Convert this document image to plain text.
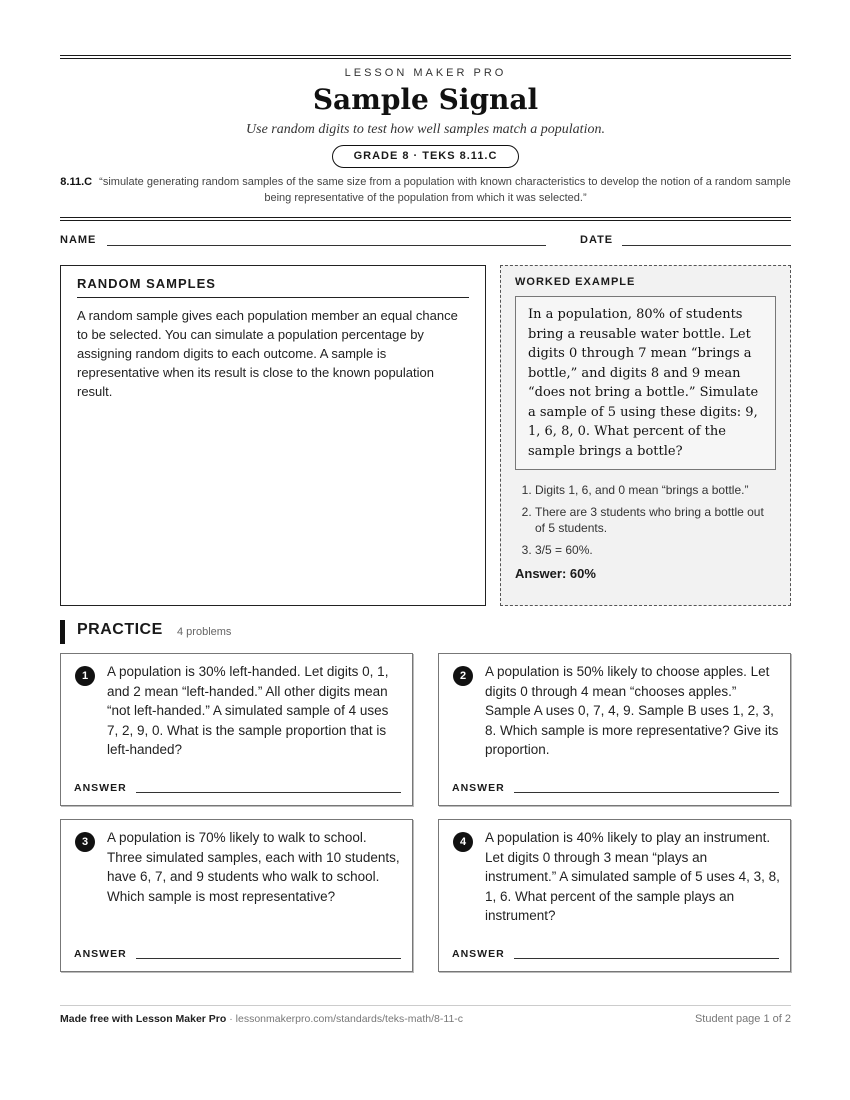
LESSON MAKER PRO
Sample Signal
Use random digits to test how well samples match a population.
GRADE 8 · TEKS 8.11.C
8.11.C “simulate generating random samples of the same size from a population with known characteristics to develop the notion of a random sample being representative of the population from which it was selected.”
NAME	DATE
RANDOM SAMPLES

A random sample gives each population member an equal chance to be selected. You can simulate a population percentage by assigning random digits to each outcome. A sample is representative when its result is close to the known population result.

WORKED EXAMPLE
In a population, 80% of students bring a reusable water bottle. Let digits 0 through 7 mean “brings a bottle,” and digits 8 and 9 mean “does not bring a bottle.” Simulate a sample of 5 using these digits: 9, 1, 6, 8, 0. What percent of the sample brings a bottle?
1. Digits 1, 6, and 0 mean “brings a bottle.”
2. There are 3 students who bring a bottle out of 5 students.
3. 3/5 = 60%.
Answer: 60%
PRACTICE 4 problems
1	A population is 30% left-handed. Let digits 0, 1, and 2 mean “left-handed.” All other digits mean “not left-handed.” A simulated sample of 4 uses 7, 2, 9, 0. What is the sample proportion that is left-handed?
ANSWER
2	A population is 50% likely to choose apples. Let digits 0 through 4 mean “chooses apples.” Sample A uses 0, 7, 4, 9. Sample B uses 1, 2, 3, 8. Which sample is more representative? Give its proportion.
ANSWER
3	A population is 70% likely to walk to school. Three simulated samples, each with 10 students, have 6, 7, and 9 students who walk to school. Which sample is most representative?
ANSWER
4	A population is 40% likely to play an instrument. Let digits 0 through 3 mean “plays an instrument.” A simulated sample of 5 uses 4, 3, 8, 1, 6. What percent of the sample plays an instrument?
ANSWER
Made free with Lesson Maker Pro · lessonmakerpro.com/standards/teks-math/8-11-c	Student page 1 of 2
